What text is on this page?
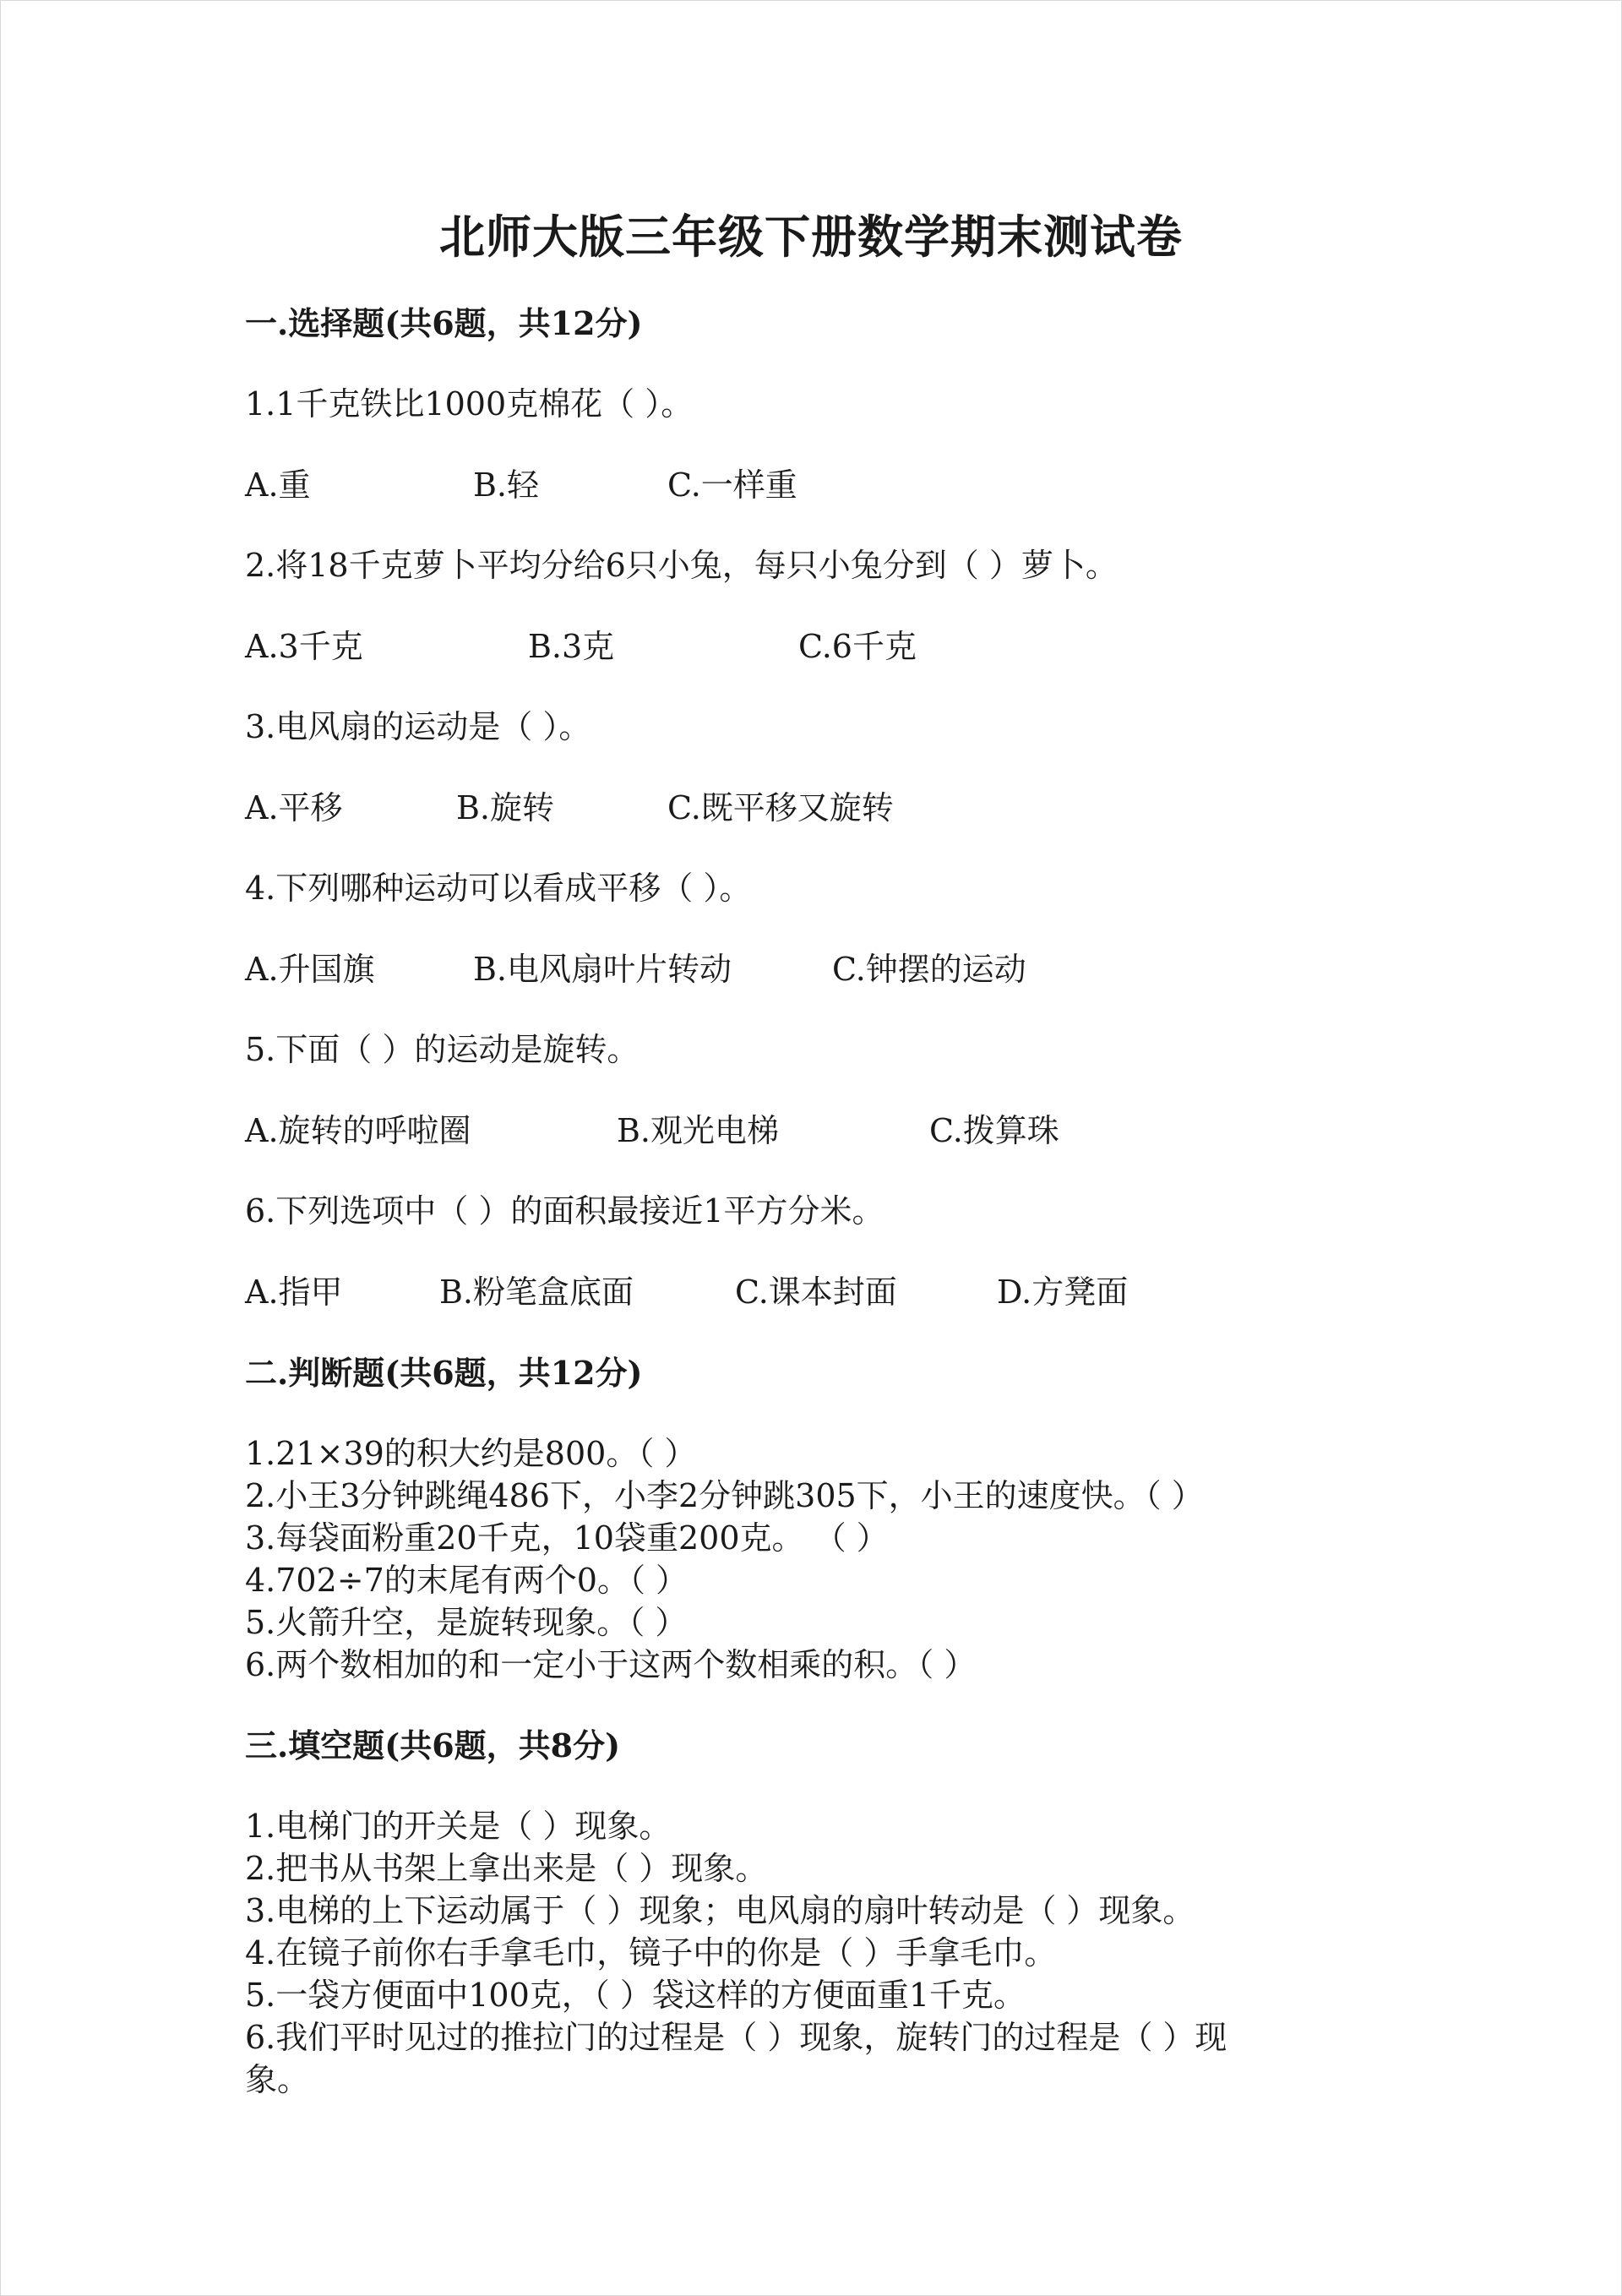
北师大版三年级下册数学期末测试卷
一.选择题(共6题，共12分)
1.1千克铁比1000克棉花（ ）。
A.重	B.轻	C.一样重
2.将18千克萝卜平均分给6只小兔，每只小兔分到（ ）萝卜。
A.3千克	B.3克	C.6千克
3.电风扇的运动是（ ）。
A.平移	B.旋转	C.既平移又旋转
4.下列哪种运动可以看成平移（ ）。
A.升国旗	B.电风扇叶片转动	C.钟摆的运动
5.下面（ ）的运动是旋转。
A.旋转的呼啦圈	B.观光电梯	C.拨算珠
6.下列选项中（ ）的面积最接近1平方分米。
A.指甲	B.粉笔盒底面	C.课本封面	D.方凳面
二.判断题(共6题，共12分)
1.21×39的积大约是800。（ ）
2.小王3分钟跳绳486下，小李2分钟跳305下，小王的速度快。（ ）
3.每袋面粉重20千克，10袋重200克。 （ ）
4.702÷7的末尾有两个0。（ ）
5.火箭升空，是旋转现象。（ ）
6.两个数相加的和一定小于这两个数相乘的积。（ ）
三.填空题(共6题，共8分)
1.电梯门的开关是（ ）现象。
2.把书从书架上拿出来是（ ）现象。
3.电梯的上下运动属于（ ）现象；电风扇的扇叶转动是（ ）现象。
4.在镜子前你右手拿毛巾，镜子中的你是（ ）手拿毛巾。
5.一袋方便面中100克，（ ）袋这样的方便面重1千克。
6.我们平时见过的推拉门的过程是（ ）现象，旋转门的过程是（ ）现
象。
